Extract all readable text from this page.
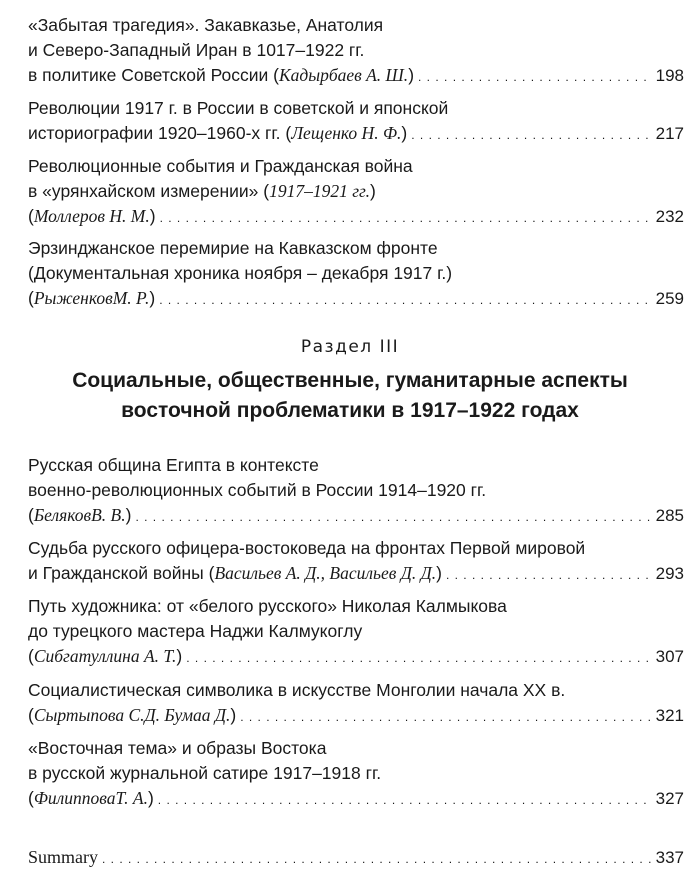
«Забытая трагедия». Закавказье, Анатолия
и Северо-Западный Иран в 1017–1922 гг.
в политике Советской России (Кадырбаев А. Ш.) . . .	198
Революции 1917 г. в России в советской и японской
историографии 1920–1960-х гг. (Лещенко Н. Ф.) . . .	217
Революционные события и Гражданская война
в «урянхайском измерении» (1917–1921 гг.)
(Моллеров Н. М.) . . .	232
Эрзинджанское перемирие на Кавказском фронте
(Документальная хроника ноября – декабря 1917 г.)
(РыженковМ. Р.) . . .	259
Раздел III
Социальные, общественные, гуманитарные аспекты
восточной проблематики в 1917–1922 годах
Русская община Египта в контексте
военно-революционных событий в России 1914–1920 гг.
(БеляковВ. В.) . . .	285
Судьба русского офицера-востоковеда на фронтах Первой мировой
и Гражданской войны (Васильев А. Д., Васильев Д. Д.) . . .	293
Путь художника: от «белого русского» Николая Калмыкова
до турецкого мастера Наджи Калмукоглу
(Сибгатуллина А. Т.) . . .	307
Социалистическая символика в искусстве Монголии начала XX в.
(Сыртыпова С.Д. Бумаа Д.) . . .	321
«Восточная тема» и образы Востока
в русской журнальной сатире 1917–1918 гг.
(ФилипповаТ. А.) . . .	327
Summary . . .	337
